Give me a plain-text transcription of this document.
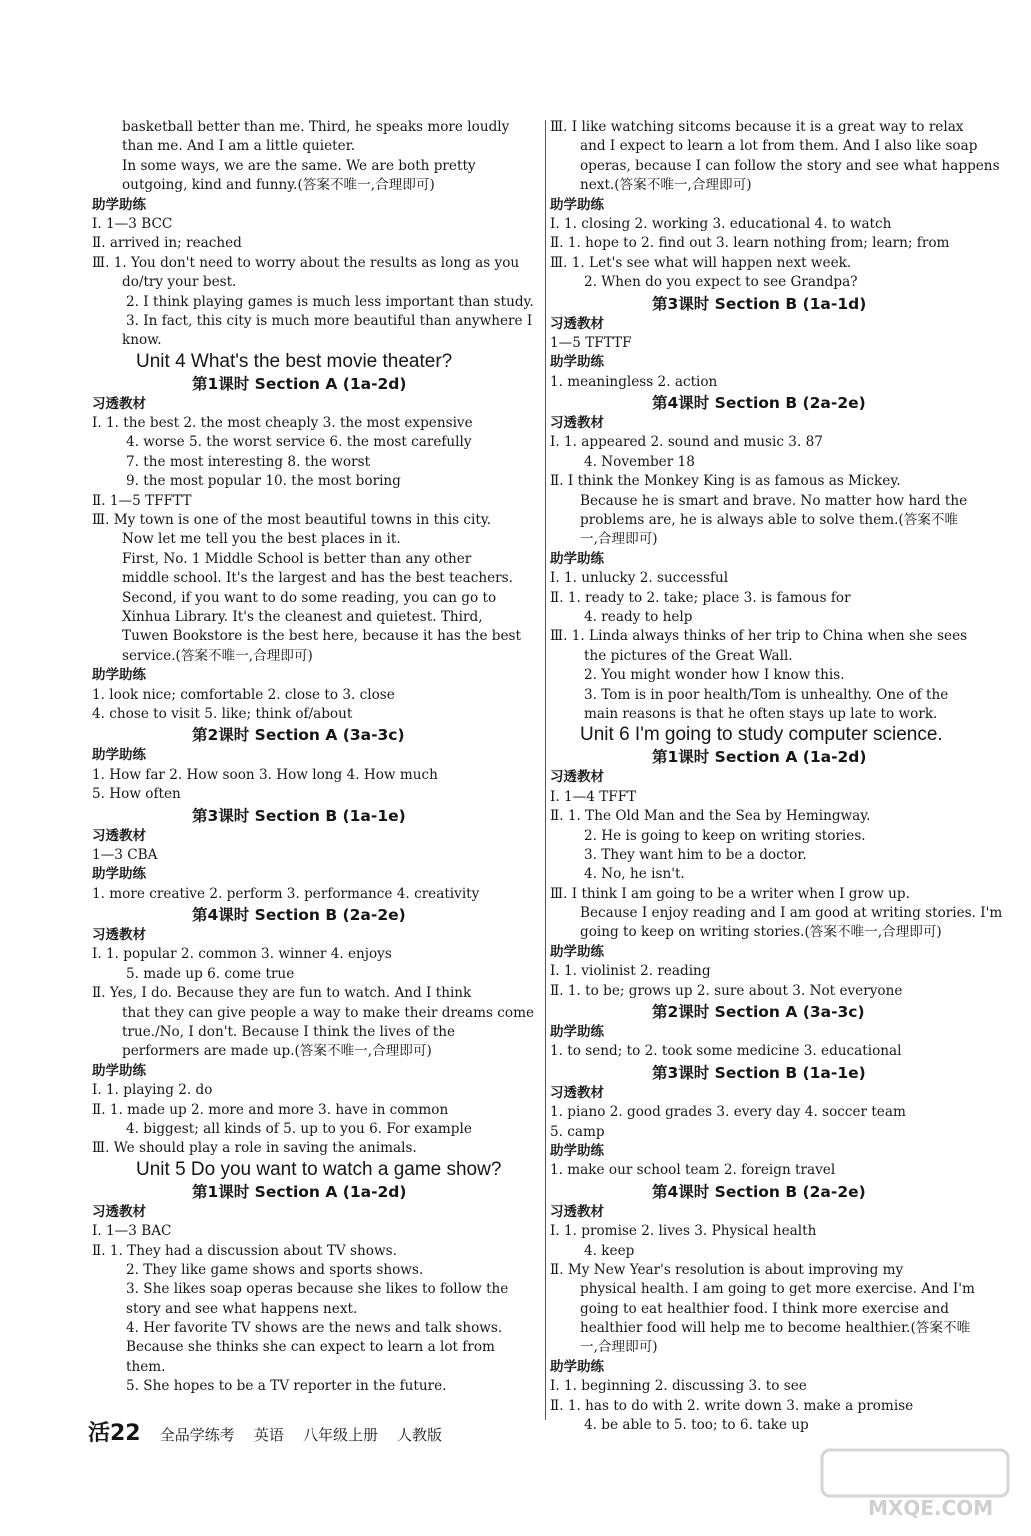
basketball better than me. Third, he speaks more loudly
than me. And I am a little quieter.
In some ways, we are the same. We are both pretty
outgoing, kind and funny.(答案不唯一,合理即可)
助学助练
Ⅰ. 1—3 BCC
Ⅱ. arrived in; reached
Ⅲ. 1. You don't need to worry about the results as long as you
do/try your best.
2. I think playing games is much less important than study.
3. In fact, this city is much more beautiful than anywhere I
know.
Unit 4 What's the best movie theater?
第1课时 Section A (1a-2d)
习透教材
Ⅰ. 1. the best 2. the most cheaply 3. the most expensive
4. worse 5. the worst service 6. the most carefully
7. the most interesting 8. the worst
9. the most popular 10. the most boring
Ⅱ. 1—5 TFFTT
Ⅲ. My town is one of the most beautiful towns in this city.
Now let me tell you the best places in it.
First, No. 1 Middle School is better than any other
middle school. It's the largest and has the best teachers.
Second, if you want to do some reading, you can go to
Xinhua Library. It's the cleanest and quietest. Third,
Tuwen Bookstore is the best here, because it has the best
service.(答案不唯一,合理即可)
助学助练
1. look nice; comfortable 2. close to 3. close
4. chose to visit 5. like; think of/about
第2课时 Section A (3a-3c)
助学助练
1. How far 2. How soon 3. How long 4. How much
5. How often
第3课时 Section B (1a-1e)
习透教材
1—3 CBA
助学助练
1. more creative 2. perform 3. performance 4. creativity
第4课时 Section B (2a-2e)
习透教材
Ⅰ. 1. popular 2. common 3. winner 4. enjoys
5. made up 6. come true
Ⅱ. Yes, I do. Because they are fun to watch. And I think
that they can give people a way to make their dreams come
true./No, I don't. Because I think the lives of the
performers are made up.(答案不唯一,合理即可)
助学助练
Ⅰ. 1. playing 2. do
Ⅱ. 1. made up 2. more and more 3. have in common
4. biggest; all kinds of 5. up to you 6. For example
Ⅲ. We should play a role in saving the animals.
Unit 5 Do you want to watch a game show?
第1课时 Section A (1a-2d)
习透教材
Ⅰ. 1—3 BAC
Ⅱ. 1. They had a discussion about TV shows.
2. They like game shows and sports shows.
3. She likes soap operas because she likes to follow the
story and see what happens next.
4. Her favorite TV shows are the news and talk shows.
Because she thinks she can expect to learn a lot from
them.
5. She hopes to be a TV reporter in the future.
Ⅲ. I like watching sitcoms because it is a great way to relax
and I expect to learn a lot from them. And I also like soap
operas, because I can follow the story and see what happens
next.(答案不唯一,合理即可)
助学助练
Ⅰ. 1. closing 2. working 3. educational 4. to watch
Ⅱ. 1. hope to 2. find out 3. learn nothing from; learn; from
Ⅲ. 1. Let's see what will happen next week.
2. When do you expect to see Grandpa?
第3课时 Section B (1a-1d)
习透教材
1—5 TFTTF
助学助练
1. meaningless 2. action
第4课时 Section B (2a-2e)
习透教材
Ⅰ. 1. appeared 2. sound and music 3. 87
4. November 18
Ⅱ. I think the Monkey King is as famous as Mickey.
Because he is smart and brave. No matter how hard the
problems are, he is always able to solve them.(答案不唯
一,合理即可)
助学助练
Ⅰ. 1. unlucky 2. successful
Ⅱ. 1. ready to 2. take; place 3. is famous for
4. ready to help
Ⅲ. 1. Linda always thinks of her trip to China when she sees
the pictures of the Great Wall.
2. You might wonder how I know this.
3. Tom is in poor health/Tom is unhealthy. One of the
main reasons is that he often stays up late to work.
Unit 6 I'm going to study computer science.
第1课时 Section A (1a-2d)
习透教材
Ⅰ. 1—4 TFFT
Ⅱ. 1. The Old Man and the Sea by Hemingway.
2. He is going to keep on writing stories.
3. They want him to be a doctor.
4. No, he isn't.
Ⅲ. I think I am going to be a writer when I grow up.
Because I enjoy reading and I am good at writing stories. I'm
going to keep on writing stories.(答案不唯一,合理即可)
助学助练
Ⅰ. 1. violinist 2. reading
Ⅱ. 1. to be; grows up 2. sure about 3. Not everyone
第2课时 Section A (3a-3c)
助学助练
1. to send; to 2. took some medicine 3. educational
第3课时 Section B (1a-1e)
习透教材
1. piano 2. good grades 3. every day 4. soccer team
5. camp
助学助练
1. make our school team 2. foreign travel
第4课时 Section B (2a-2e)
习透教材
Ⅰ. 1. promise 2. lives 3. Physical health
4. keep
Ⅱ. My New Year's resolution is about improving my
physical health. I am going to get more exercise. And I'm
going to eat healthier food. I think more exercise and
healthier food will help me to become healthier.(答案不唯
一,合理即可)
助学助练
Ⅰ. 1. beginning 2. discussing 3. to see
Ⅱ. 1. has to do with 2. write down 3. make a promise
4. be able to 5. too; to 6. take up
活22 全品学练考 英语 八年级上册 人教版
MXQE.COM
